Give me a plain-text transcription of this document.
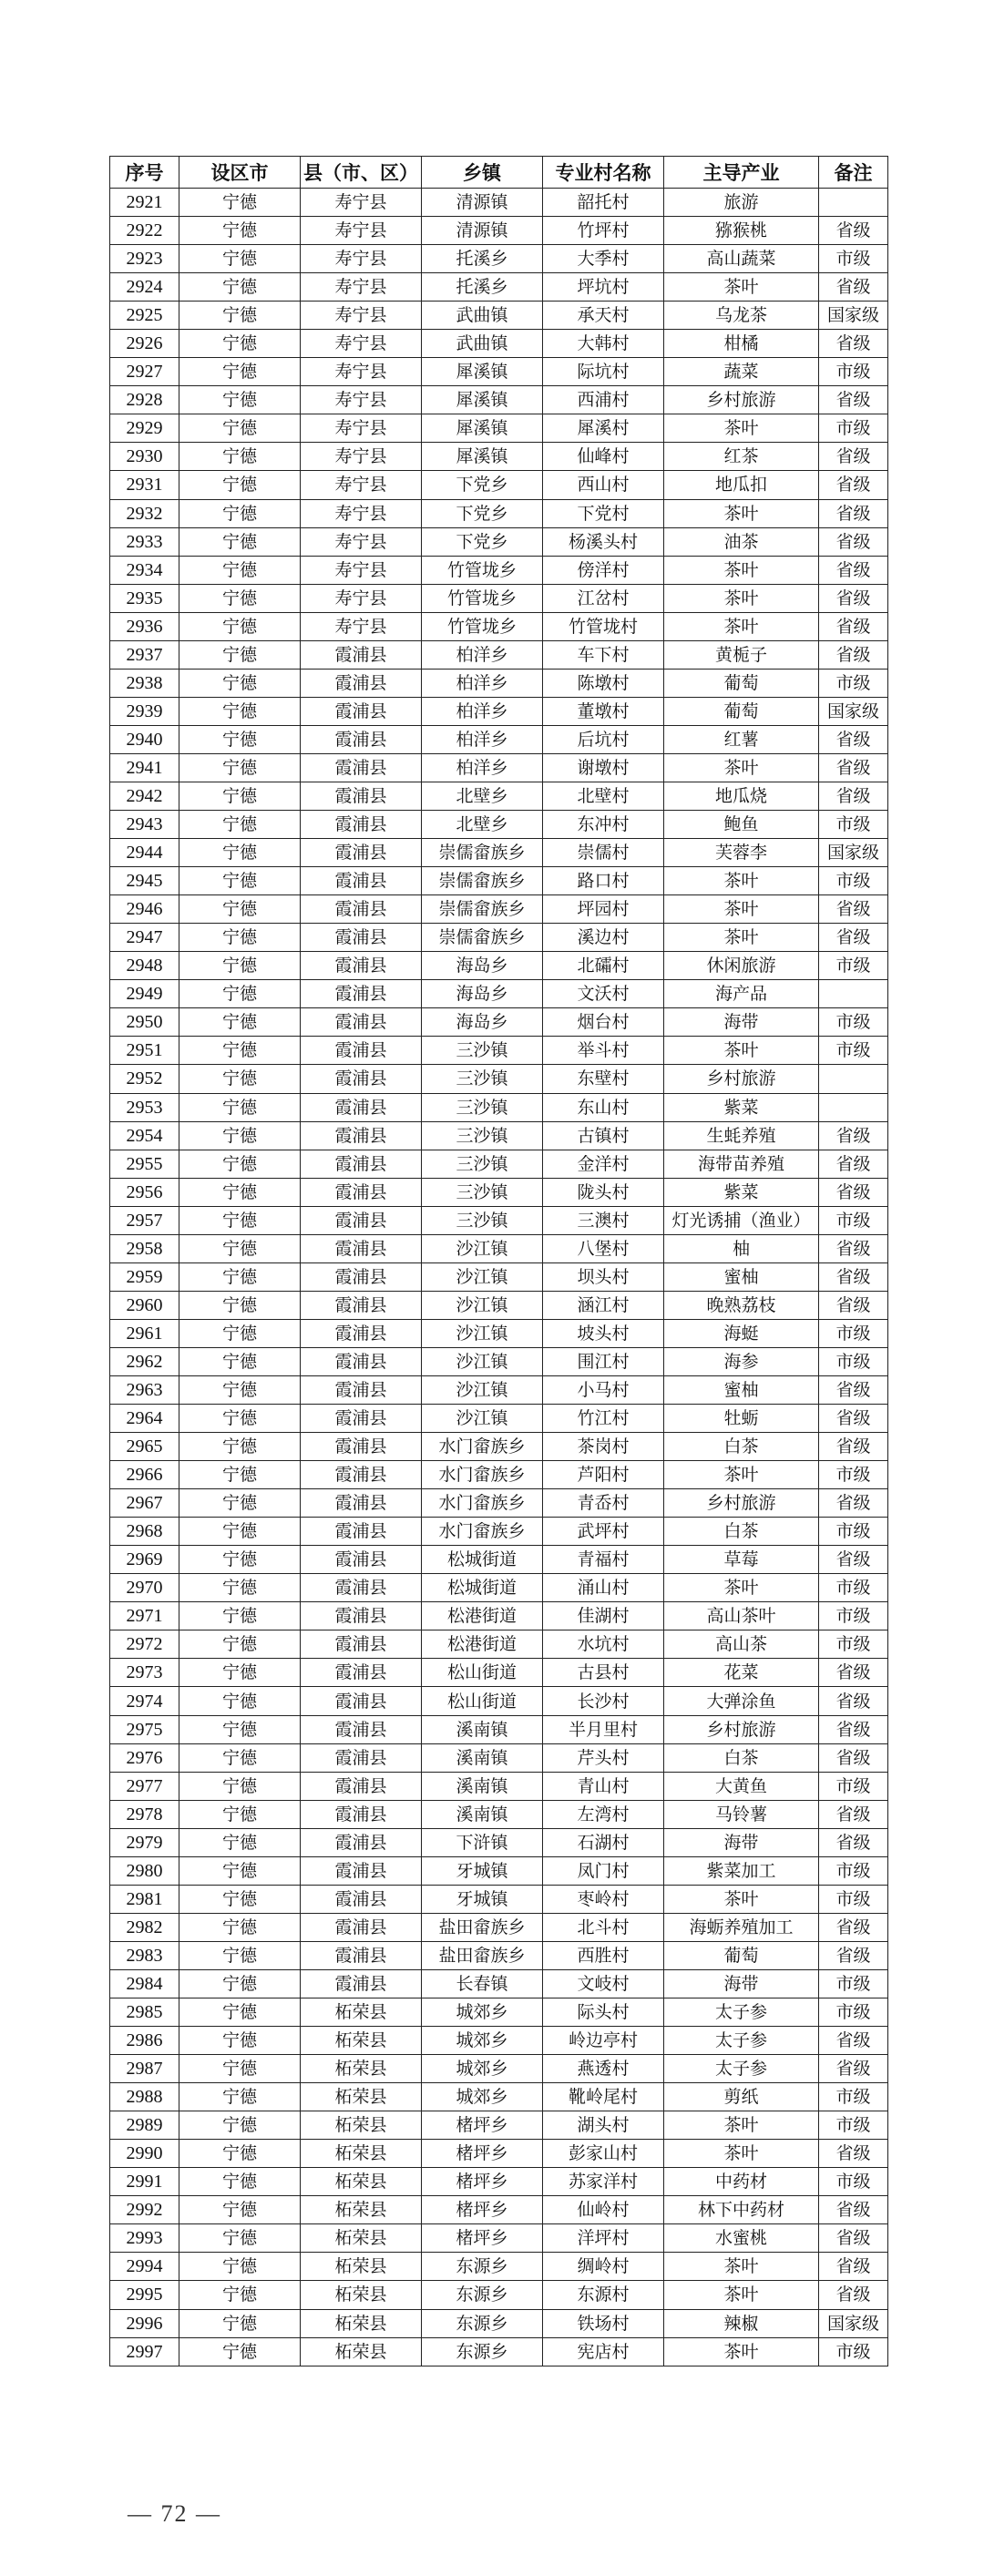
序号	设区市	县（市、区）	乡镇	专业村名称	主导产业	备注
2921	宁德	寿宁县	清源镇	韶托村	旅游	
2922	宁德	寿宁县	清源镇	竹坪村	猕猴桃	省级
2923	宁德	寿宁县	托溪乡	大季村	高山蔬菜	市级
2924	宁德	寿宁县	托溪乡	坪坑村	茶叶	省级
2925	宁德	寿宁县	武曲镇	承天村	乌龙茶	国家级
2926	宁德	寿宁县	武曲镇	大韩村	柑橘	省级
2927	宁德	寿宁县	犀溪镇	际坑村	蔬菜	市级
2928	宁德	寿宁县	犀溪镇	西浦村	乡村旅游	省级
2929	宁德	寿宁县	犀溪镇	犀溪村	茶叶	市级
2930	宁德	寿宁县	犀溪镇	仙峰村	红茶	省级
2931	宁德	寿宁县	下党乡	西山村	地瓜扣	省级
2932	宁德	寿宁县	下党乡	下党村	茶叶	省级
2933	宁德	寿宁县	下党乡	杨溪头村	油茶	省级
2934	宁德	寿宁县	竹管垅乡	傍洋村	茶叶	省级
2935	宁德	寿宁县	竹管垅乡	江岔村	茶叶	省级
2936	宁德	寿宁县	竹管垅乡	竹管垅村	茶叶	省级
2937	宁德	霞浦县	柏洋乡	车下村	黄栀子	省级
2938	宁德	霞浦县	柏洋乡	陈墩村	葡萄	市级
2939	宁德	霞浦县	柏洋乡	董墩村	葡萄	国家级
2940	宁德	霞浦县	柏洋乡	后坑村	红薯	省级
2941	宁德	霞浦县	柏洋乡	谢墩村	茶叶	省级
2942	宁德	霞浦县	北壁乡	北壁村	地瓜烧	省级
2943	宁德	霞浦县	北壁乡	东冲村	鲍鱼	市级
2944	宁德	霞浦县	崇儒畲族乡	崇儒村	芙蓉李	国家级
2945	宁德	霞浦县	崇儒畲族乡	路口村	茶叶	市级
2946	宁德	霞浦县	崇儒畲族乡	坪园村	茶叶	省级
2947	宁德	霞浦县	崇儒畲族乡	溪边村	茶叶	省级
2948	宁德	霞浦县	海岛乡	北礵村	休闲旅游	市级
2949	宁德	霞浦县	海岛乡	文沃村	海产品	
2950	宁德	霞浦县	海岛乡	烟台村	海带	市级
2951	宁德	霞浦县	三沙镇	举斗村	茶叶	市级
2952	宁德	霞浦县	三沙镇	东壁村	乡村旅游	
2953	宁德	霞浦县	三沙镇	东山村	紫菜	
2954	宁德	霞浦县	三沙镇	古镇村	生蚝养殖	省级
2955	宁德	霞浦县	三沙镇	金洋村	海带苗养殖	省级
2956	宁德	霞浦县	三沙镇	陇头村	紫菜	省级
2957	宁德	霞浦县	三沙镇	三澳村	灯光诱捕（渔业）	市级
2958	宁德	霞浦县	沙江镇	八堡村	柚	省级
2959	宁德	霞浦县	沙江镇	坝头村	蜜柚	省级
2960	宁德	霞浦县	沙江镇	涵江村	晚熟荔枝	省级
2961	宁德	霞浦县	沙江镇	坡头村	海蜓	市级
2962	宁德	霞浦县	沙江镇	围江村	海参	市级
2963	宁德	霞浦县	沙江镇	小马村	蜜柚	省级
2964	宁德	霞浦县	沙江镇	竹江村	牡蛎	省级
2965	宁德	霞浦县	水门畲族乡	茶岗村	白茶	省级
2966	宁德	霞浦县	水门畲族乡	芦阳村	茶叶	市级
2967	宁德	霞浦县	水门畲族乡	青岙村	乡村旅游	省级
2968	宁德	霞浦县	水门畲族乡	武坪村	白茶	市级
2969	宁德	霞浦县	松城街道	青福村	草莓	省级
2970	宁德	霞浦县	松城街道	涌山村	茶叶	市级
2971	宁德	霞浦县	松港街道	佳湖村	高山茶叶	市级
2972	宁德	霞浦县	松港街道	水坑村	高山茶	市级
2973	宁德	霞浦县	松山街道	古县村	花菜	省级
2974	宁德	霞浦县	松山街道	长沙村	大弹涂鱼	省级
2975	宁德	霞浦县	溪南镇	半月里村	乡村旅游	省级
2976	宁德	霞浦县	溪南镇	芹头村	白茶	省级
2977	宁德	霞浦县	溪南镇	青山村	大黄鱼	市级
2978	宁德	霞浦县	溪南镇	左湾村	马铃薯	省级
2979	宁德	霞浦县	下浒镇	石湖村	海带	省级
2980	宁德	霞浦县	牙城镇	凤门村	紫菜加工	市级
2981	宁德	霞浦县	牙城镇	枣岭村	茶叶	市级
2982	宁德	霞浦县	盐田畲族乡	北斗村	海蛎养殖加工	省级
2983	宁德	霞浦县	盐田畲族乡	西胜村	葡萄	省级
2984	宁德	霞浦县	长春镇	文岐村	海带	市级
2985	宁德	柘荣县	城郊乡	际头村	太子参	市级
2986	宁德	柘荣县	城郊乡	岭边亭村	太子参	省级
2987	宁德	柘荣县	城郊乡	燕透村	太子参	省级
2988	宁德	柘荣县	城郊乡	靴岭尾村	剪纸	市级
2989	宁德	柘荣县	楮坪乡	湖头村	茶叶	市级
2990	宁德	柘荣县	楮坪乡	彭家山村	茶叶	省级
2991	宁德	柘荣县	楮坪乡	苏家洋村	中药材	市级
2992	宁德	柘荣县	楮坪乡	仙岭村	林下中药材	省级
2993	宁德	柘荣县	楮坪乡	洋坪村	水蜜桃	省级
2994	宁德	柘荣县	东源乡	绸岭村	茶叶	省级
2995	宁德	柘荣县	东源乡	东源村	茶叶	省级
2996	宁德	柘荣县	东源乡	铁场村	辣椒	国家级
2997	宁德	柘荣县	东源乡	宪店村	茶叶	市级
— 72 —
